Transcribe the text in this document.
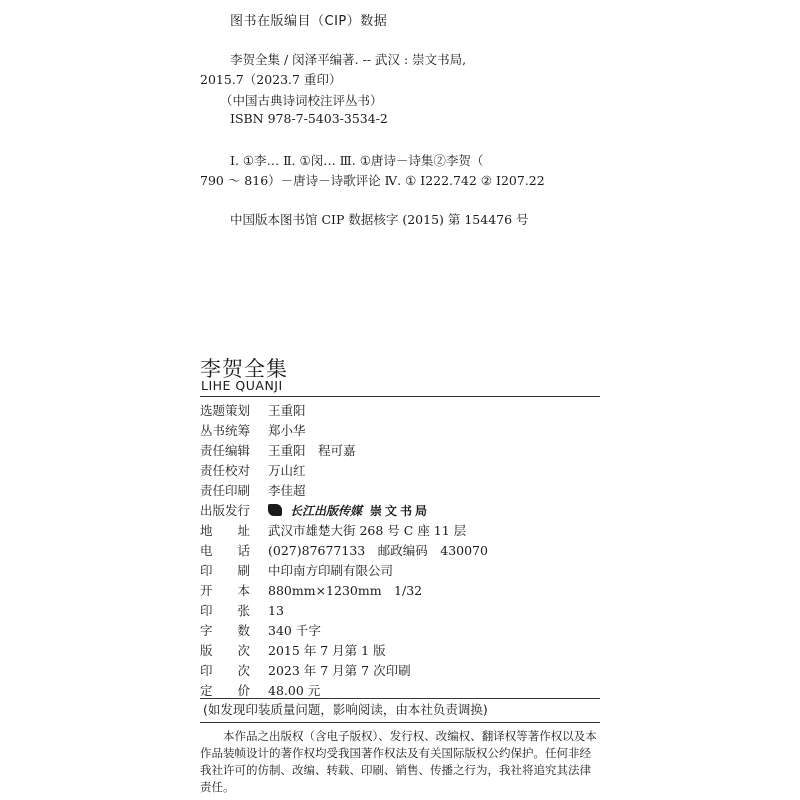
图书在版编目（CIP）数据
李贺全集 / 闵泽平编著. -- 武汉 : 崇文书局,
2015.7（2023.7 重印）
（中国古典诗词校注评丛书）
ISBN 978-7-5403-3534-2
Ⅰ. ①李… Ⅱ. ①闵… Ⅲ. ①唐诗－诗集②李贺（
790 ～ 816）－唐诗－诗歌评论 Ⅳ. ① I222.742 ② I207.22
中国版本图书馆 CIP 数据核字 (2015) 第 154476 号
李贺全集
LIHE QUANJI
选题策划	王重阳
丛书统筹	郑小华
责任编辑	王重阳　程可嘉
责任校对	万山红
责任印刷	李佳超
出版发行	长江出版传媒 崇文书局
地　　址	武汉市雄楚大街 268 号 C 座 11 层
电　　话	(027)87677133　邮政编码　430070
印　　刷	中印南方印刷有限公司
开　　本	880mm×1230mm　1/32
印　　张	13
字　　数	340 千字
版　　次	2015 年 7 月第 1 版
印　　次	2023 年 7 月第 7 次印刷
定　　价	48.00 元
(如发现印装质量问题，影响阅读，由本社负责调换)
本作品之出版权（含电子版权）、发行权、改编权、翻译权等著作权以及本作品装帧设计的著作权均受我国著作权法及有关国际版权公约保护。任何非经我社许可的仿制、改编、转载、印刷、销售、传播之行为，我社将追究其法律责任。
